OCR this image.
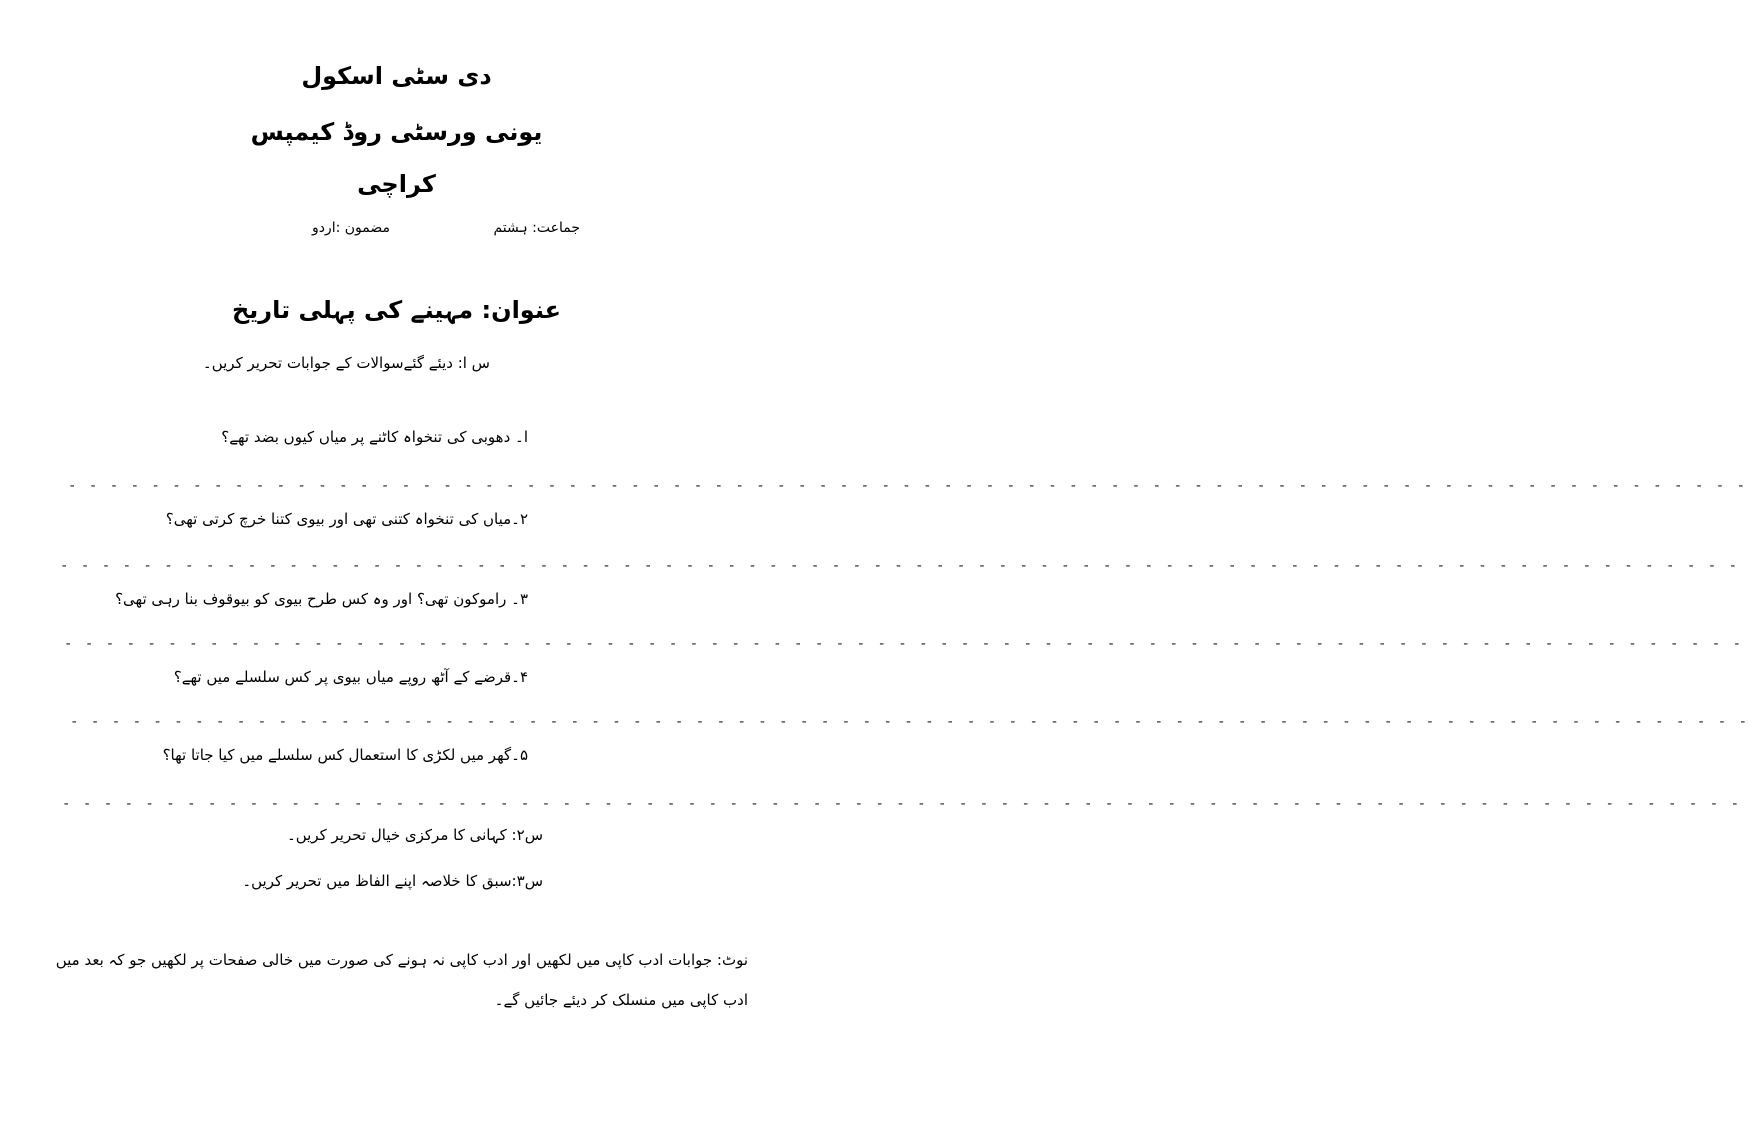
دی سٹی اسکول
یونی ورسٹی روڈ کیمپس
کراچی
جماعت: ہشتم
مضمون :اردو
عنوان: مہینے کی پہلی تاریخ
س ا: دیئے گئےسوالات کے جوابات تحریر کریں۔
ا۔ دھوبی کی تنخواہ کاٹنے پر میاں کیوں بضد تھے؟
- - - - - - - - - - - - - - - - - - - - - - - - - - - - - - - - - - - - - - - - - - - - - - - - - - - - - - - - - - - - - - - - - - - - - - - - - - - - - - - - -
۲۔میاں کی تنخواہ کتنی تھی اور بیوی کتنا خرچ کرتی تھی؟
- - - - - - - - - - - - - - - - - - - - - - - - - - - - - - - - - - - - - - - - - - - - - - - - - - - - - - - - - - - - - - - - - - - - - - - - - - - - - - - - -
۳۔ راموکون تھی؟ اور وہ کس طرح بیوی کو بیوقوف بنا رہی تھی؟
- - - - - - - - - - - - - - - - - - - - - - - - - - - - - - - - - - - - - - - - - - - - - - - - - - - - - - - - - - - - - - - - - - - - - - - - - - - - - - - - -
۴۔قرضے کے آٹھ روپے میاں بیوی پر کس سلسلے میں تھے؟
- - - - - - - - - - - - - - - - - - - - - - - - - - - - - - - - - - - - - - - - - - - - - - - - - - - - - - - - - - - - - - - - - - - - - - - - - - - - - - - - -
۵۔گھر میں لکڑی کا استعمال کس سلسلے میں کیا جاتا تھا؟
- - - - - - - - - - - - - - - - - - - - - - - - - - - - - - - - - - - - - - - - - - - - - - - - - - - - - - - - - - - - - - - - - - - - - - - - - - - - - - - - -
س۲: کہانی کا مرکزی خیال تحریر کریں۔
س۳:سبق کا خلاصہ اپنے الفاظ میں تحریر کریں۔
نوٹ: جوابات ادب کاپی میں لکھیں اور ادب کاپی نہ ہونے کی صورت میں خالی صفحات پر لکھیں جو کہ بعد میں ادب کاپی میں منسلک کر دیئے جائیں گے۔
